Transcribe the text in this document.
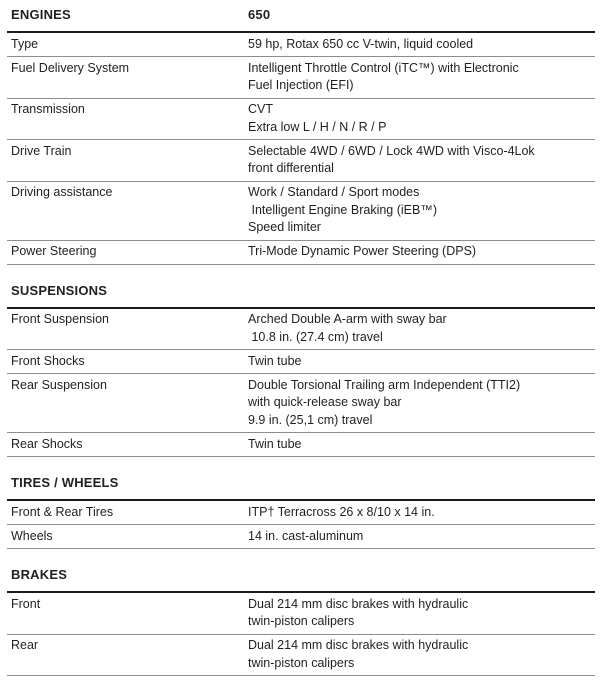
ENGINES	650
Type	59 hp, Rotax 650 cc V-twin, liquid cooled
Fuel Delivery System	Intelligent Throttle Control (iTC™) with Electronic
Fuel Injection (EFI)
Transmission	CVT
Extra low L / H / N / R / P
Drive Train	Selectable 4WD / 6WD / Lock 4WD with Visco-4Lok
front differential
Driving assistance	Work / Standard / Sport modes
Intelligent Engine Braking (iEB™)
Speed limiter
Power Steering	Tri-Mode Dynamic Power Steering (DPS)
SUSPENSIONS
Front Suspension	Arched Double A-arm with sway bar
10.8 in. (27.4 cm) travel
Front Shocks	Twin tube
Rear Suspension	Double Torsional Trailing arm Independent (TTI2)
with quick-release sway bar
9.9 in. (25,1 cm) travel
Rear Shocks	Twin tube
TIRES / WHEELS
Front & Rear Tires	ITP† Terracross 26 x 8/10 x 14 in.
Wheels	14 in. cast-aluminum
BRAKES
Front	Dual 214 mm disc brakes with hydraulic
twin-piston calipers
Rear	Dual 214 mm disc brakes with hydraulic
twin-piston calipers
